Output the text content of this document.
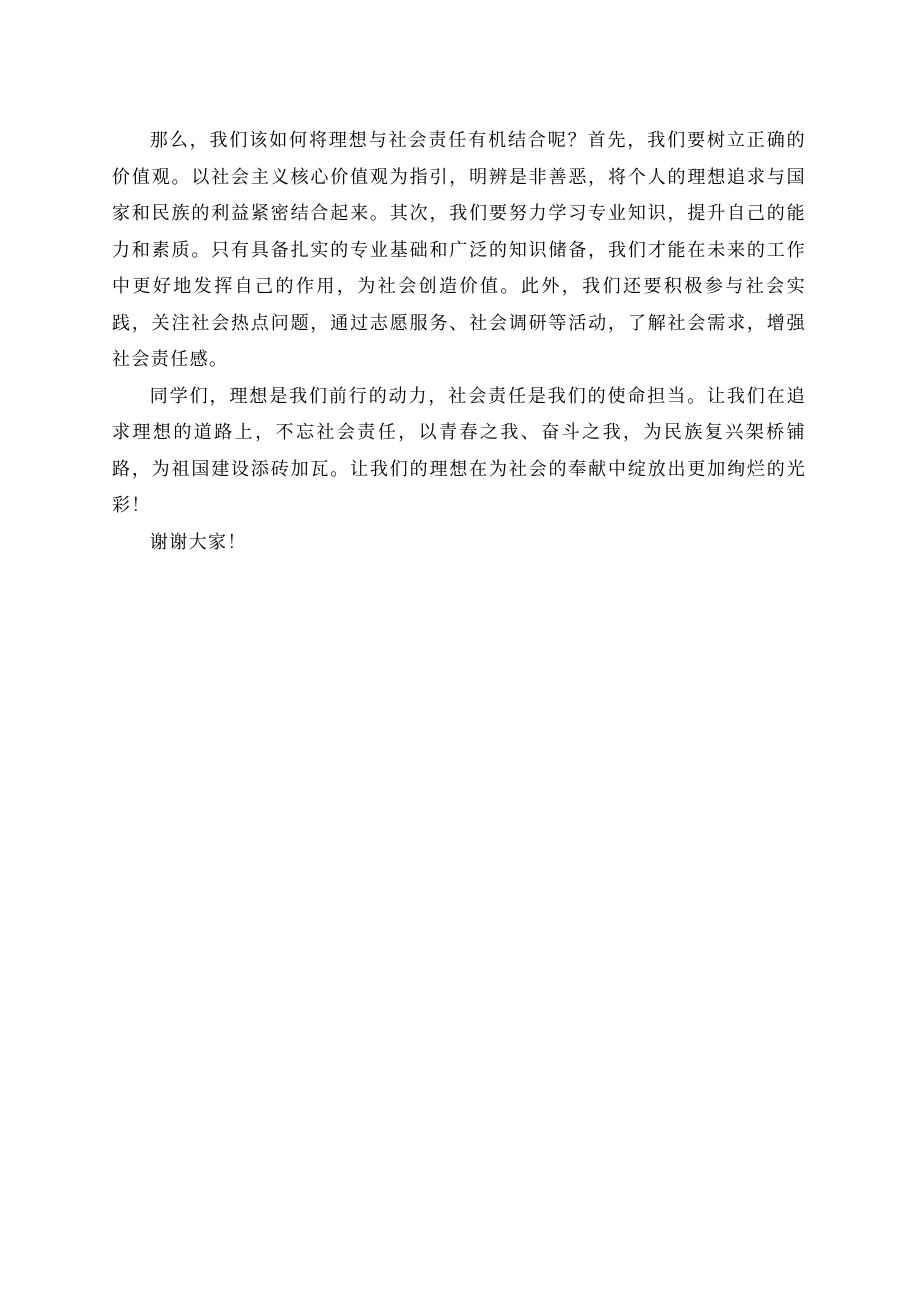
那么，我们该如何将理想与社会责任有机结合呢？首先，我们要树立正确的价值观。以社会主义核心价值观为指引，明辨是非善恶，将个人的理想追求与国家和民族的利益紧密结合起来。其次，我们要努力学习专业知识，提升自己的能力和素质。只有具备扎实的专业基础和广泛的知识储备，我们才能在未来的工作中更好地发挥自己的作用，为社会创造价值。此外，我们还要积极参与社会实践，关注社会热点问题，通过志愿服务、社会调研等活动，了解社会需求，增强社会责任感。

同学们，理想是我们前行的动力，社会责任是我们的使命担当。让我们在追求理想的道路上，不忘社会责任，以青春之我、奋斗之我，为民族复兴架桥铺路，为祖国建设添砖加瓦。让我们的理想在为社会的奉献中绽放出更加绚烂的光彩！

谢谢大家！
